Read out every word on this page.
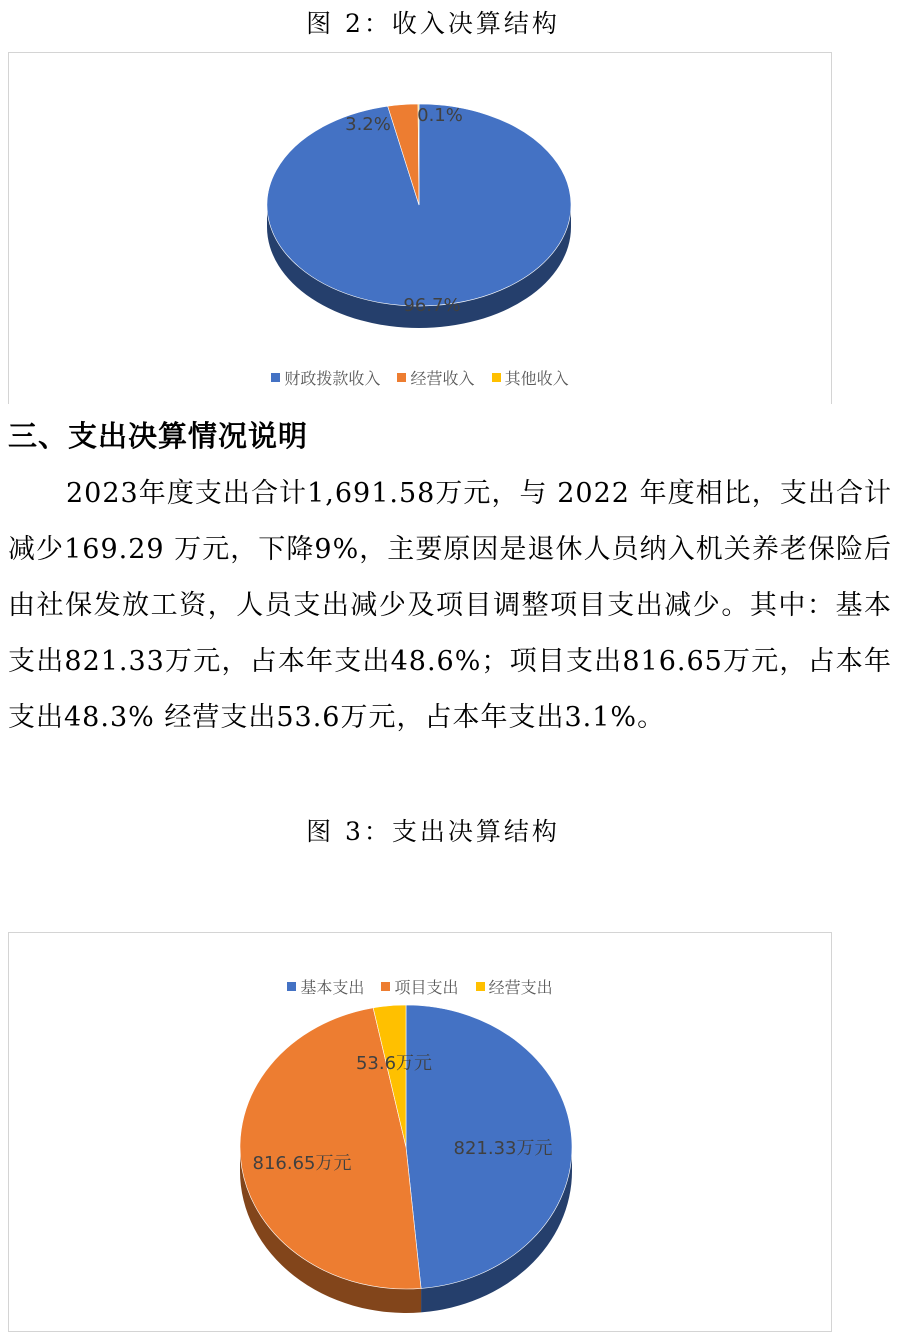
图 2：收入决算结构
96.7%
3.2% 0.1%
财政拨款收入 经营收入 其他收入
三、支出决算情况说明
2023年度支出合计1,691.58万元，与 2022 年度相比，支出合计减少169.29 万元，下降9%，主要原因是退休人员纳入机关养老保险后由社保发放工资，人员支出减少及项目调整项目支出减少。其中：基本支出821.33万元，占本年支出48.6%；项目支出816.65万元，占本年支出48.3% 经营支出53.6万元，占本年支出3.1%。
图 3：支出决算结构
821.33万元
816.65万元
53.6万元
基本支出 项目支出 经营支出
